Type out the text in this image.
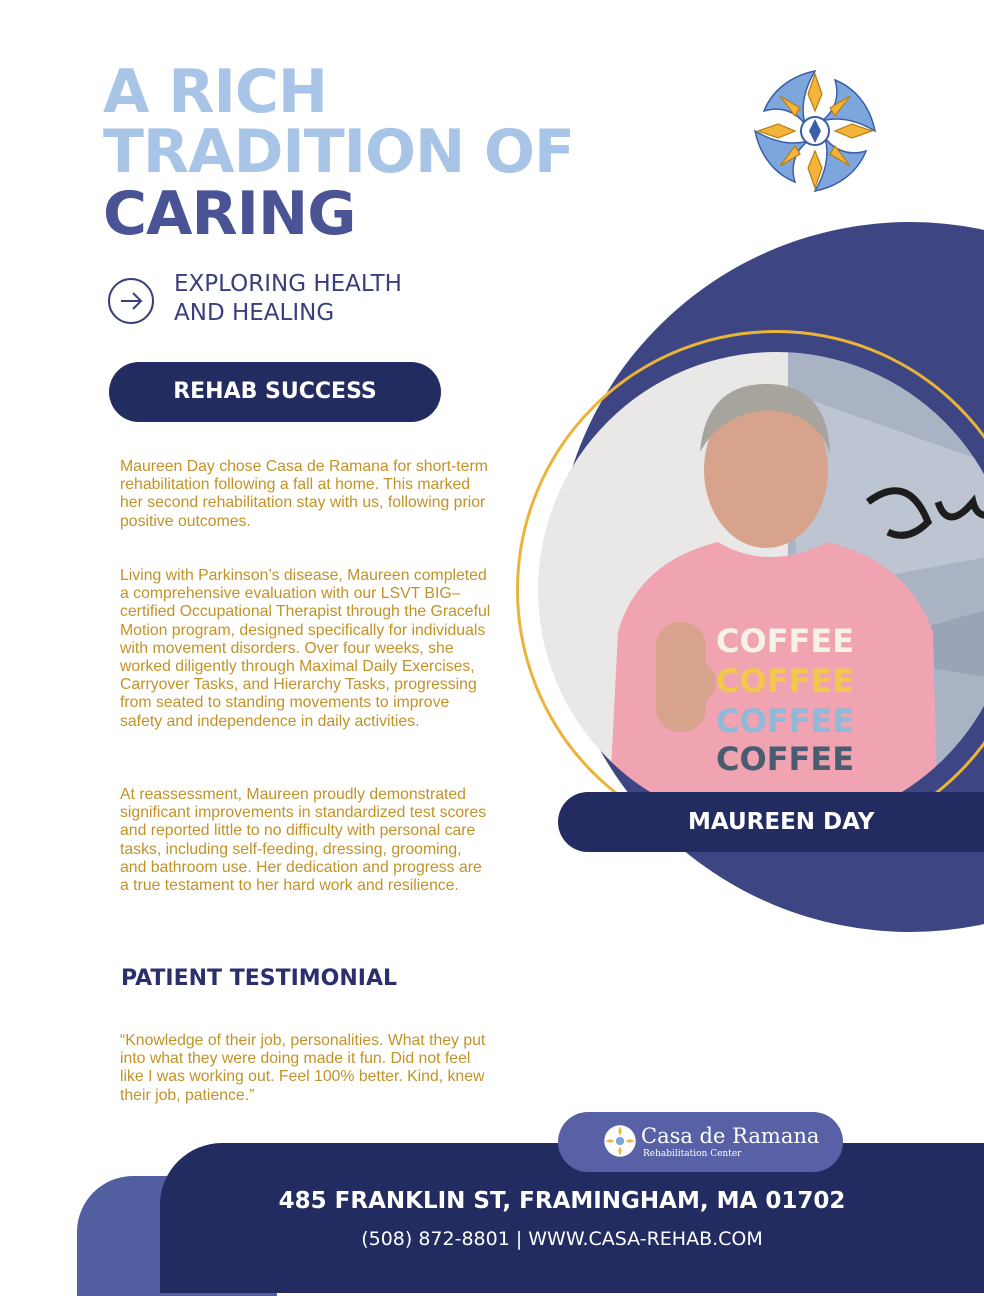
A RICH
TRADITION OF
CARING
EXPLORING HEALTH
AND HEALING
REHAB SUCCESS

Maureen Day chose Casa de Ramana for short-term rehabilitation following a fall at home. This marked her second rehabilitation stay with us, following prior positive outcomes.

Living with Parkinson’s disease, Maureen completed a comprehensive evaluation with our LSVT BIG–certified Occupational Therapist through the Graceful Motion program, designed specifically for individuals with movement disorders. Over four weeks, she worked diligently through Maximal Daily Exercises, Carryover Tasks, and Hierarchy Tasks, progressing from seated to standing movements to improve safety and independence in daily activities.

At reassessment, Maureen proudly demonstrated significant improvements in standardized test scores and reported little to no difficulty with personal care tasks, including self-feeding, dressing, grooming, and bathroom use. Her dedication and progress are a true testament to her hard work and resilience.

PATIENT TESTIMONIAL

“Knowledge of their job, personalities. What they put into what they were doing made it fun. Did not feel like I was working out. Feel 100% better. Kind, knew their job, patience.”

COFFEE
COFFEE
COFFEE
COFFEE
MAUREEN DAY
Casa de Ramana
Rehabilitation Center
485 FRANKLIN ST, FRAMINGHAM, MA 01702
(508) 872-8801 | WWW.CASA-REHAB.COM
